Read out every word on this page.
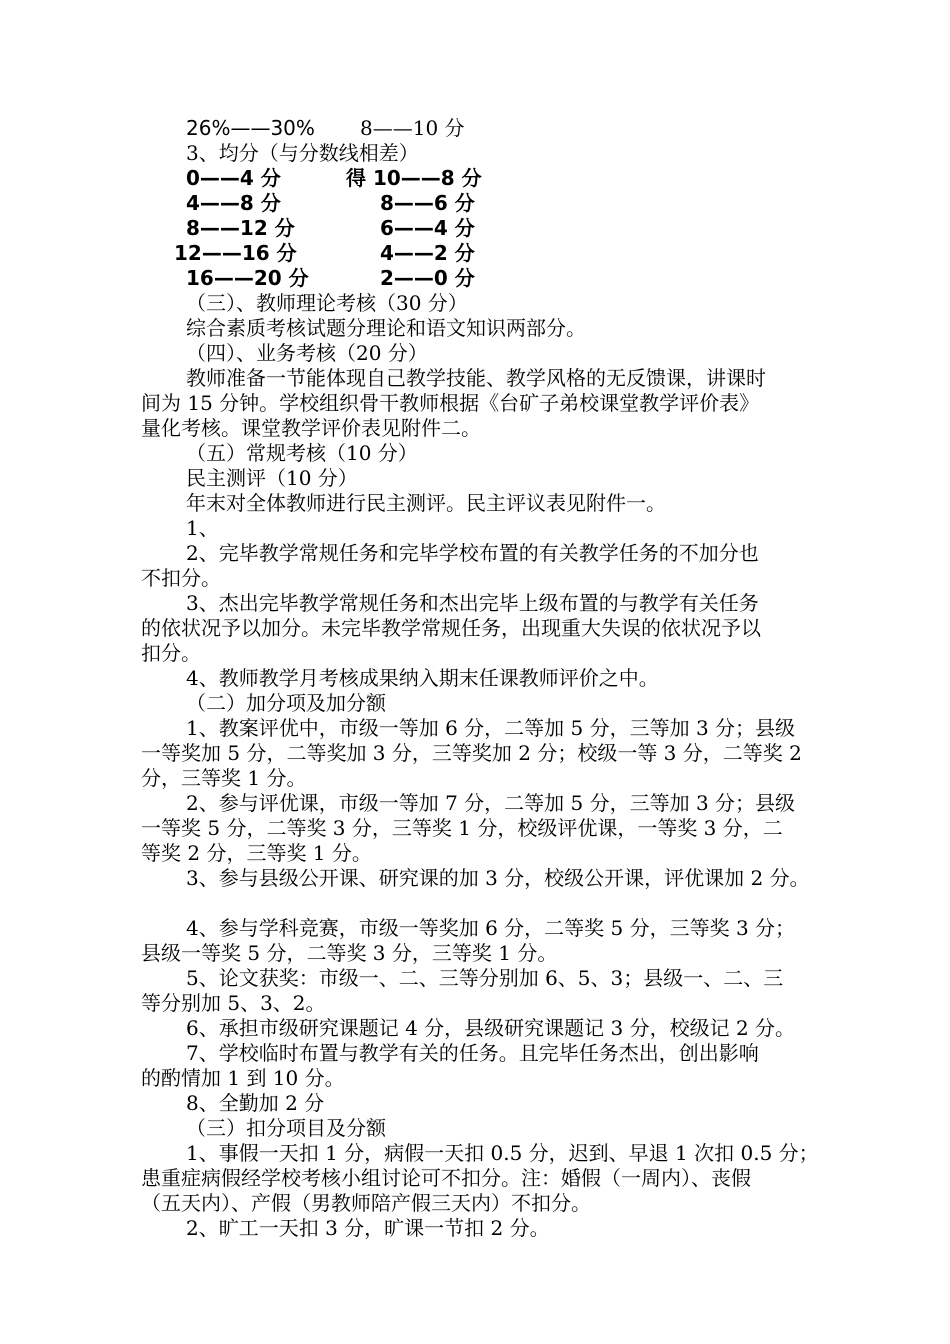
26%——30% 8——10 分
3、均分（与分数线相差）
0——4 分	得 10——8 分
4——8 分	8——6 分
8——12 分	6——4 分
12——16 分	4——2 分
16——20 分	2——0 分
（三）、教师理论考核（30 分）
综合素质考核试题分理论和语文知识两部分。
（四）、业务考核（20 分）
教师准备一节能体现自己教学技能、教学风格的无反馈课，讲课时
间为 15 分钟。学校组织骨干教师根据《台矿子弟校课堂教学评价表》
量化考核。课堂教学评价表见附件二。
（五）常规考核（10 分）
民主测评（10 分）
年末对全体教师进行民主测评。民主评议表见附件一。
1、
2、完毕教学常规任务和完毕学校布置的有关教学任务的不加分也
不扣分。
3、杰出完毕教学常规任务和杰出完毕上级布置的与教学有关任务
的依状况予以加分。未完毕教学常规任务，出现重大失误的依状况予以
扣分。
4、教师教学月考核成果纳入期末任课教师评价之中。
（二）加分项及加分额
1、教案评优中，市级一等加 6 分，二等加 5 分，三等加 3 分；县级
一等奖加 5 分，二等奖加 3 分，三等奖加 2 分；校级一等 3 分，二等奖 2
分，三等奖 1 分。
2、参与评优课，市级一等加 7 分，二等加 5 分，三等加 3 分；县级
一等奖 5 分，二等奖 3 分，三等奖 1 分，校级评优课，一等奖 3 分，二
等奖 2 分，三等奖 1 分。
3、参与县级公开课、研究课的加 3 分，校级公开课，评优课加 2 分。
4、参与学科竞赛，市级一等奖加 6 分，二等奖 5 分，三等奖 3 分；
县级一等奖 5 分，二等奖 3 分，三等奖 1 分。
5、论文获奖：市级一、二、三等分别加 6、5、3；县级一、二、三
等分别加 5、3、2。
6、承担市级研究课题记 4 分，县级研究课题记 3 分，校级记 2 分。
7、学校临时布置与教学有关的任务。且完毕任务杰出，创出影响
的酌情加 1 到 10 分。
8、全勤加 2 分
（三）扣分项目及分额
1、事假一天扣 1 分，病假一天扣 0.5 分，迟到、早退 1 次扣 0.5 分；
患重症病假经学校考核小组讨论可不扣分。注：婚假（一周内）、丧假
（五天内）、产假（男教师陪产假三天内）不扣分。
2、旷工一天扣 3 分，旷课一节扣 2 分。
